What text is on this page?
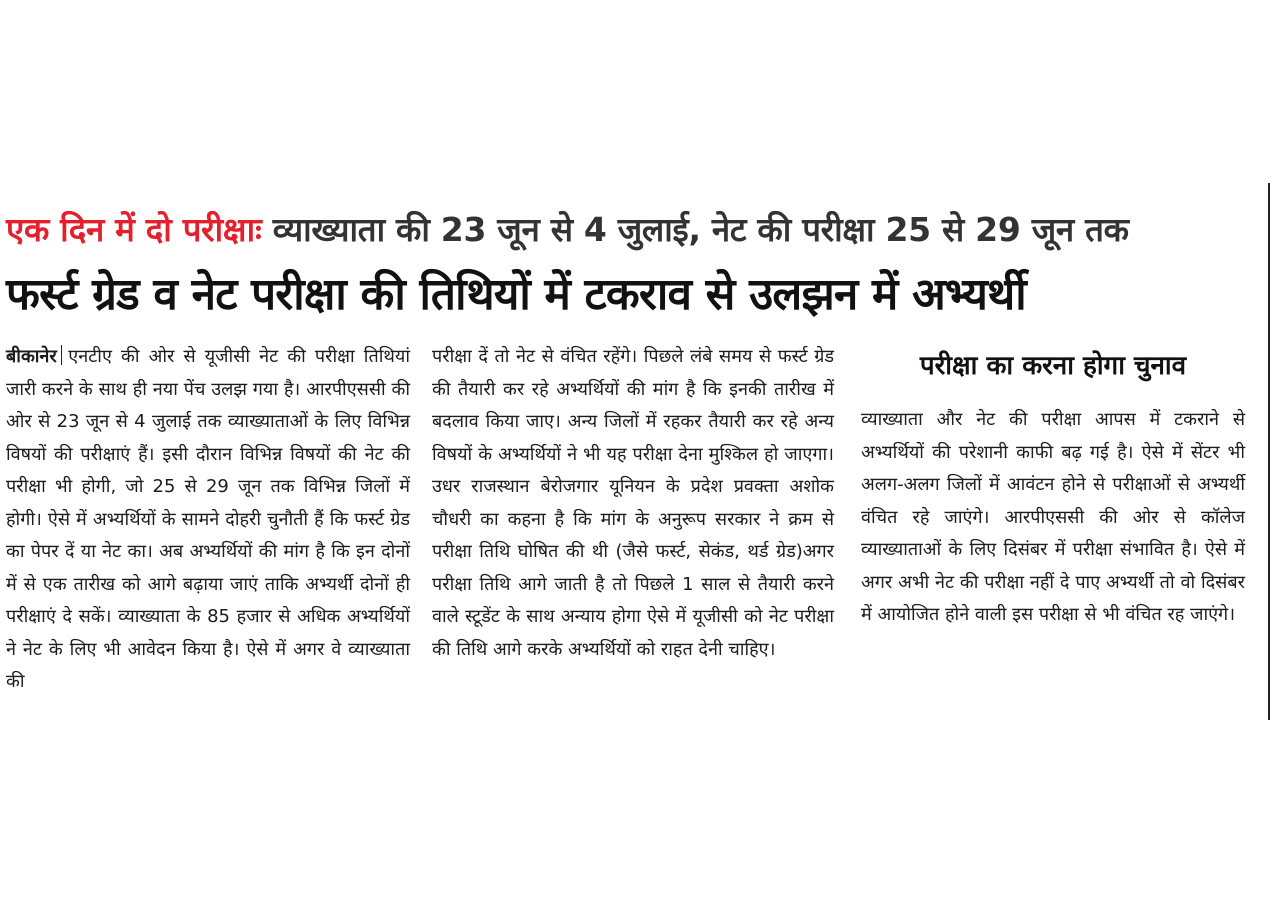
एक दिन में दो परीक्षा व्याख्याता की 23 जून से 4 जुलाई, नेट की परीक्षा 25 से 29 जून तक
फर्स्ट ग्रेड व नेट परीक्षा की तिथियों में टकराव से उलझन में अभ्यर्थी

बीकानेर एनटीए की ओर से यूजीसी नेट की परीक्षा तिथियां जारी करने के साथ ही नया पेंच उलझ गया है। आरपीएससी की ओर से 23 जून से 4 जुलाई तक व्याख्याताओं के लिए विभिन्न विषयों की परीक्षाएं हैं। इसी दौरान विभिन्न विषयों की नेट की परीक्षा भी होगी, जो 25 से 29 जून तक विभिन्न जिलों में होगी। ऐसे में अभ्यर्थियों के सामने दोहरी चुनौती हैं कि फर्स्ट ग्रेड का पेपर दें या नेट का। अब अभ्यर्थियों की मांग है कि इन दोनों में से एक तारीख को आगे बढ़ाया जाएं ताकि अभ्यर्थी दोनों ही परीक्षाएं दे सकें। व्याख्याता के 85 हजार से अधिक अभ्यर्थियों ने नेट के लिए भी आवेदन किया है। ऐसे में अगर वे व्याख्याता की

परीक्षा दें तो नेट से वंचित रहेंगे। पिछले लंबे समय से फर्स्ट ग्रेड की तैयारी कर रहे अभ्यर्थियों की मांग है कि इनकी तारीख में बदलाव किया जाए। अन्य जिलों में रहकर तैयारी कर रहे अन्य विषयों के अभ्यर्थियों ने भी यह परीक्षा देना मुश्किल हो जाएगा। उधर राजस्थान बेरोजगार यूनियन के प्रदेश प्रवक्ता अशोक चौधरी का कहना है कि मांग के अनुरूप सरकार ने क्रम से परीक्षा तिथि घोषित की थी (जैसे फर्स्ट, सेकंड, थर्ड ग्रेड)अगर परीक्षा तिथि आगे जाती है तो पिछले 1 साल से तैयारी करने वाले स्टूडेंट के साथ अन्याय होगा ऐसे में यूजीसी को नेट परीक्षा की तिथि आगे करके अभ्यर्थियों को राहत देनी चाहिए।

परीक्षा का करना होगा चुनाव

व्याख्याता और नेट की परीक्षा आपस में टकराने से अभ्यर्थियों की परेशानी काफी बढ़ गई है। ऐसे में सेंटर भी अलग-अलग जिलों में आवंटन होने से परीक्षाओं से अभ्यर्थी वंचित रहे जाएंगे। आरपीएससी की ओर से कॉलेज व्याख्याताओं के लिए दिसंबर में परीक्षा संभावित है। ऐसे में अगर अभी नेट की परीक्षा नहीं दे पाए अभ्यर्थी तो वो दिसंबर में आयोजित होने वाली इस परीक्षा से भी वंचित रह जाएंगे।
